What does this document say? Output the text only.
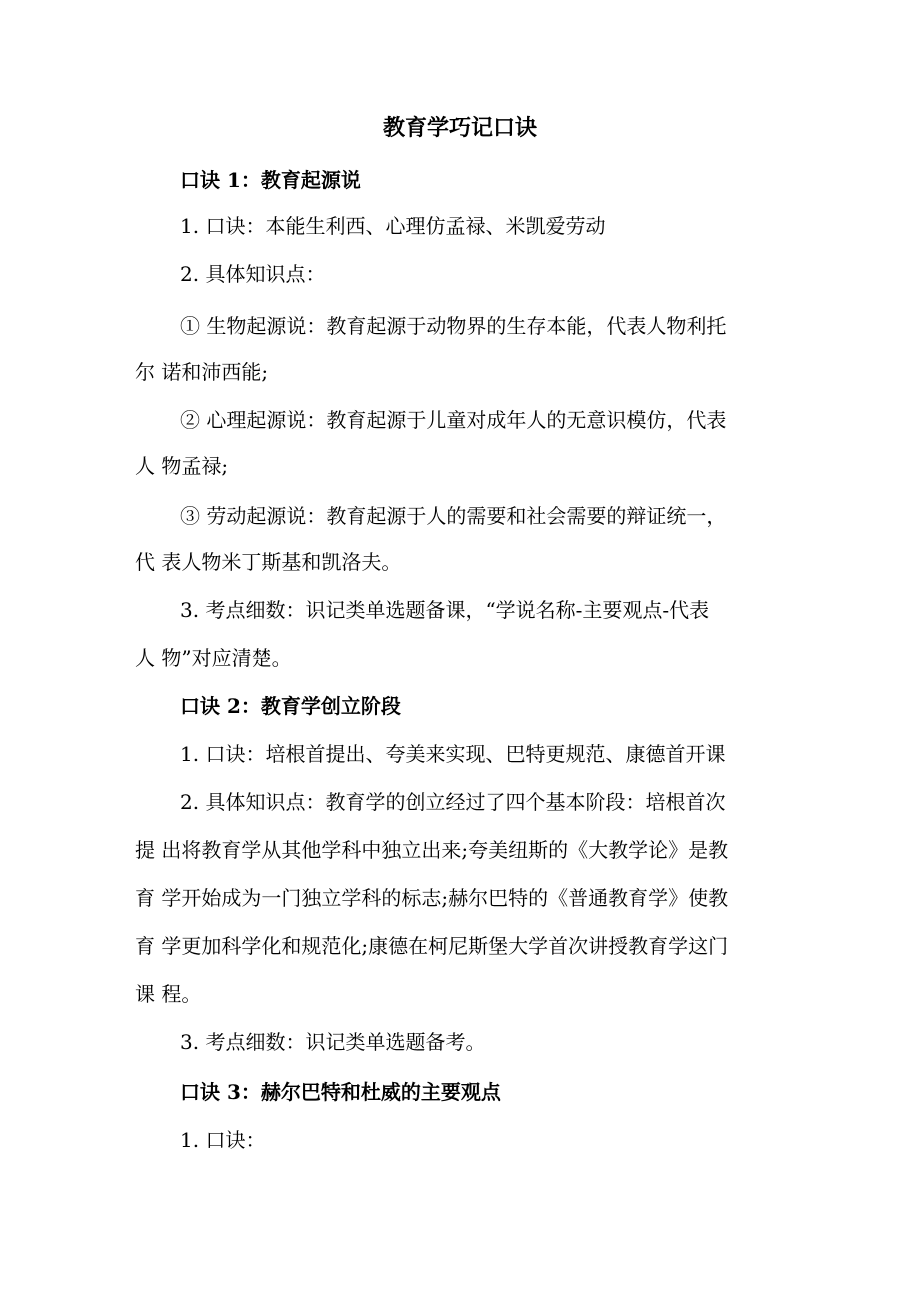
教育学巧记口诀
口诀 1：教育起源说
1. 口诀：本能生利西、心理仿孟禄、米凯爱劳动
2. 具体知识点：
① 生物起源说：教育起源于动物界的生存本能，代表人物利托
尔 诺和沛西能;
② 心理起源说：教育起源于儿童对成年人的无意识模仿，代表
人 物孟禄;
③ 劳动起源说：教育起源于人的需要和社会需要的辩证统一，
代 表人物米丁斯基和凯洛夫。
3. 考点细数：识记类单选题备课，“学说名称-主要观点-代表
人 物”对应清楚。
口诀 2：教育学创立阶段
1. 口诀：培根首提出、夸美来实现、巴特更规范、康德首开课
2. 具体知识点：教育学的创立经过了四个基本阶段：培根首次
提 出将教育学从其他学科中独立出来;夸美纽斯的《大教学论》是教
育 学开始成为一门独立学科的标志;赫尔巴特的《普通教育学》使教
育 学更加科学化和规范化;康德在柯尼斯堡大学首次讲授教育学这门
课 程。
3. 考点细数：识记类单选题备考。
口诀 3：赫尔巴特和杜威的主要观点
1. 口诀：
